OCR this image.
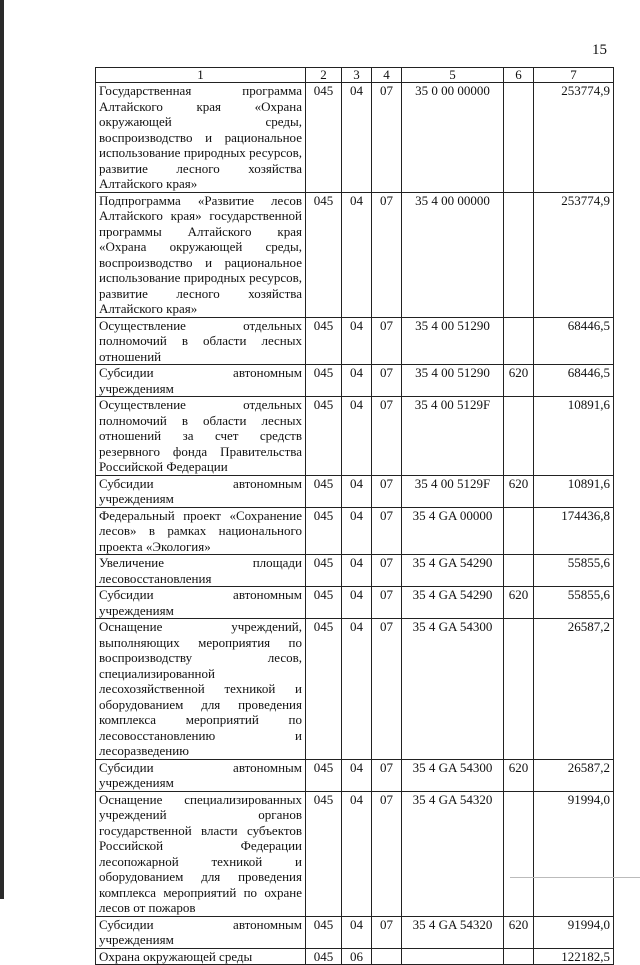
15
1	2	3	4	5	6	7
Государственная программа Алтайского края «Охрана окружающей среды, воспроизводство и рациональное использование природных ресурсов, развитие лесного хозяйства Алтайского края»	045	04	07	35 0 00 00000		253774,9
Подпрограмма «Развитие лесов Алтайского края» государственной программы Алтайского края «Охрана окружающей среды, воспроизводство и рациональное использование природных ресурсов, развитие лесного хозяйства Алтайского края»	045	04	07	35 4 00 00000		253774,9
Осуществление отдельных полномочий в области лесных отношений	045	04	07	35 4 00 51290		68446,5
Субсидии автономным учреждениям	045	04	07	35 4 00 51290	620	68446,5
Осуществление отдельных полномочий в области лесных отношений за счет средств резервного фонда Правительства Российской Федерации	045	04	07	35 4 00 5129F		10891,6
Субсидии автономным учреждениям	045	04	07	35 4 00 5129F	620	10891,6
Федеральный проект «Сохранение лесов» в рамках национального проекта «Экология»	045	04	07	35 4 GA 00000		174436,8
Увеличение площади лесовосстановления	045	04	07	35 4 GA 54290		55855,6
Субсидии автономным учреждениям	045	04	07	35 4 GA 54290	620	55855,6
Оснащение учреждений, выполняющих мероприятия по воспроизводству лесов, специализированной лесохозяйственной техникой и оборудованием для проведения комплекса мероприятий по лесовосстановлению и лесоразведению	045	04	07	35 4 GA 54300		26587,2
Субсидии автономным учреждениям	045	04	07	35 4 GA 54300	620	26587,2
Оснащение специализированных учреждений органов государственной власти субъектов Российской Федерации лесопожарной техникой и оборудованием для проведения комплекса мероприятий по охране лесов от пожаров	045	04	07	35 4 GA 54320		91994,0
Субсидии автономным учреждениям	045	04	07	35 4 GA 54320	620	91994,0
Охрана окружающей среды	045	06				122182,5
